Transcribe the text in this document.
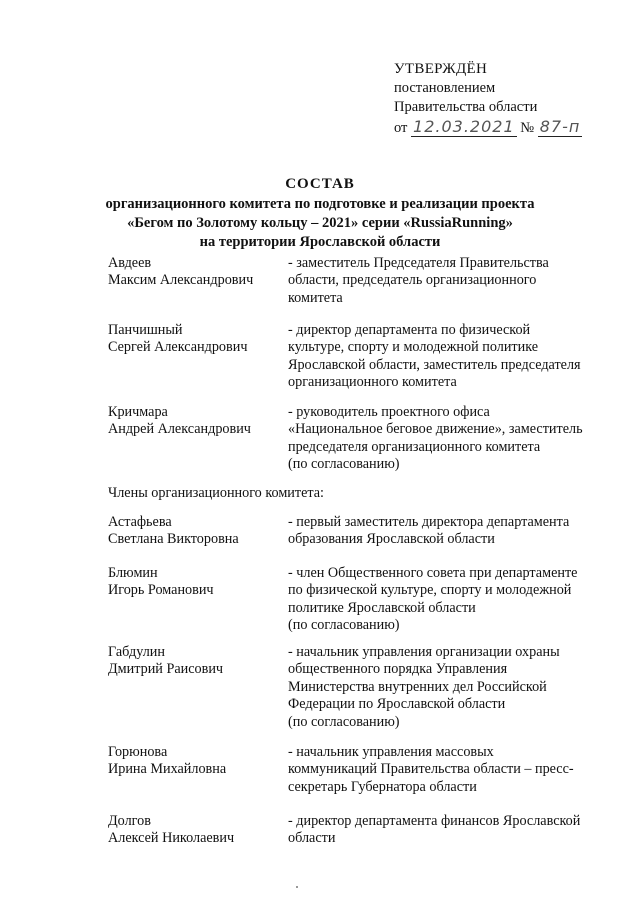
УТВЕРЖДЁН
постановлением
Правительства области
от 12.03.2021 № 87-п
СОСТАВ
организационного комитета по подготовке и реализации проекта
«Бегом по Золотому кольцу – 2021» серии «RussiaRunning»
на территории Ярославской области
Авдеев
Максим Александрович
- заместитель Председателя Правительства
области, председатель организационного
комитета
Панчишный
Сергей Александрович
- директор департамента по физической
культуре, спорту и молодежной политике
Ярославской области, заместитель председателя
организационного комитета
Кричмара
Андрей Александрович
- руководитель проектного офиса
«Национальное беговое движение», заместитель
председателя организационного комитета
(по согласованию)
Члены организационного комитета:
Астафьева
Светлана Викторовна
- первый заместитель директора департамента
образования Ярославской области
Блюмин
Игорь Романович
- член Общественного совета при департаменте
по физической культуре, спорту и молодежной
политике Ярославской области
(по согласованию)
Габдулин
Дмитрий Раисович
- начальник управления организации охраны
общественного порядка Управления
Министерства внутренних дел Российской
Федерации по Ярославской области
(по согласованию)
Горюнова
Ирина Михайловна
- начальник управления массовых
коммуникаций Правительства области – пресс-
секретарь Губернатора области
Долгов
Алексей Николаевич
- директор департамента финансов Ярославской
области
